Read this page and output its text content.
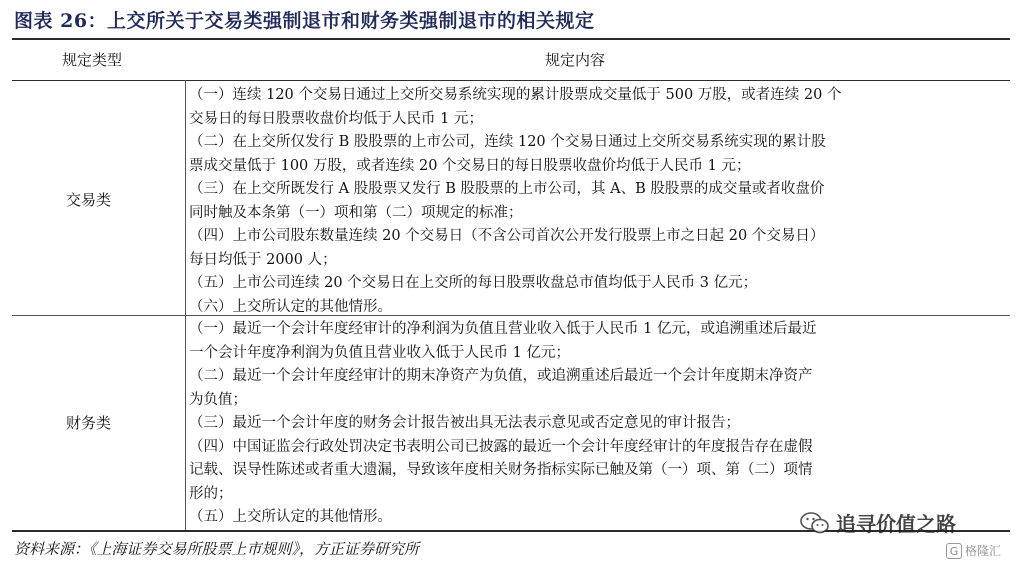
图表 26：上交所关于交易类强制退市和财务类强制退市的相关规定
规定类型	规定内容
交易类
（一）连续 120 个交易日通过上交所交易系统实现的累计股票成交量低于 500 万股，或者连续 20 个
交易日的每日股票收盘价均低于人民币 1 元；
（二）在上交所仅发行 B 股股票的上市公司，连续 120 个交易日通过上交所交易系统实现的累计股
票成交量低于 100 万股，或者连续 20 个交易日的每日股票收盘价均低于人民币 1 元；
（三）在上交所既发行 A 股股票又发行 B 股股票的上市公司，其 A、B 股股票的成交量或者收盘价
同时触及本条第（一）项和第（二）项规定的标准；
（四）上市公司股东数量连续 20 个交易日（不含公司首次公开发行股票上市之日起 20 个交易日）
每日均低于 2000 人；
（五）上市公司连续 20 个交易日在上交所的每日股票收盘总市值均低于人民币 3 亿元；
（六）上交所认定的其他情形。
财务类
（一）最近一个会计年度经审计的净利润为负值且营业收入低于人民币 1 亿元，或追溯重述后最近
一个会计年度净利润为负值且营业收入低于人民币 1 亿元；
（二）最近一个会计年度经审计的期末净资产为负值，或追溯重述后最近一个会计年度期末净资产
为负值；
（三）最近一个会计年度的财务会计报告被出具无法表示意见或否定意见的审计报告；
（四）中国证监会行政处罚决定书表明公司已披露的最近一个会计年度经审计的年度报告存在虚假
记载、误导性陈述或者重大遗漏，导致该年度相关财务指标实际已触及第（一）项、第（二）项情
形的；
（五）上交所认定的其他情形。
资料来源：《上海证券交易所股票上市规则》，方正证券研究所
追寻价值之路
G 格隆汇
